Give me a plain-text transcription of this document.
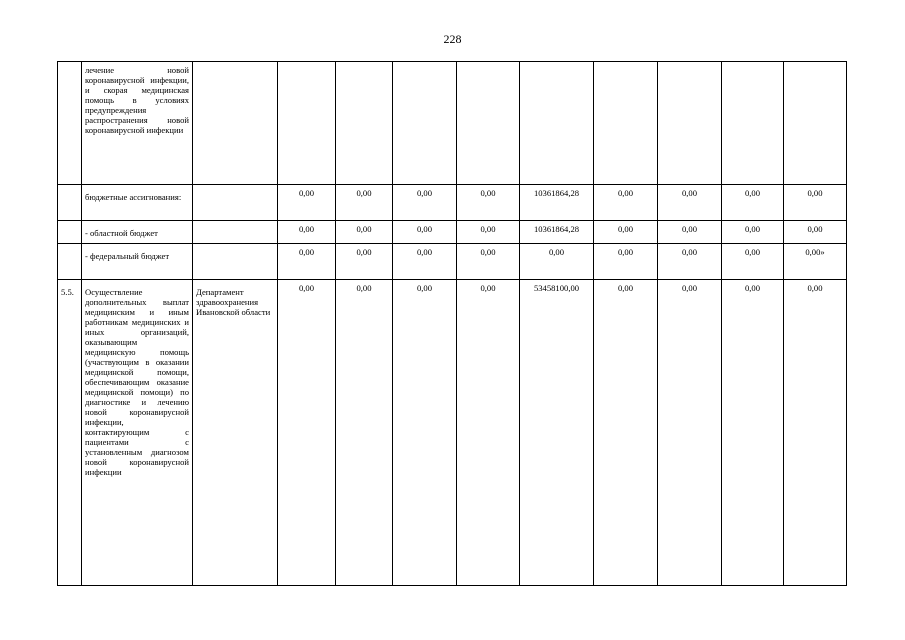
228
	лечение новой коронавирусной инфекции, и скорая медицинская помощь в условиях предупреждения распространения новой коронавирусной инфекции										
	бюджетные ассигнования:		0,00	0,00	0,00	0,00	10361864,28	0,00	0,00	0,00	0,00
	- областной бюджет		0,00	0,00	0,00	0,00	10361864,28	0,00	0,00	0,00	0,00
	- федеральный бюджет		0,00	0,00	0,00	0,00	0,00	0,00	0,00	0,00	0,00»
5.5.	Осуществление дополнительных выплат медицинским и иным работникам медицинских и иных организаций, оказывающим медицинскую помощь (участвующим в оказании медицинской помощи, обеспечивающим оказание медицинской помощи) по диагностике и лечению новой коронавирусной инфекции, контактирующим с пациентами с установленным диагнозом новой коронавирусной инфекции	Департамент здравоохранения Ивановской области	0,00	0,00	0,00	0,00	53458100,00	0,00	0,00	0,00	0,00
